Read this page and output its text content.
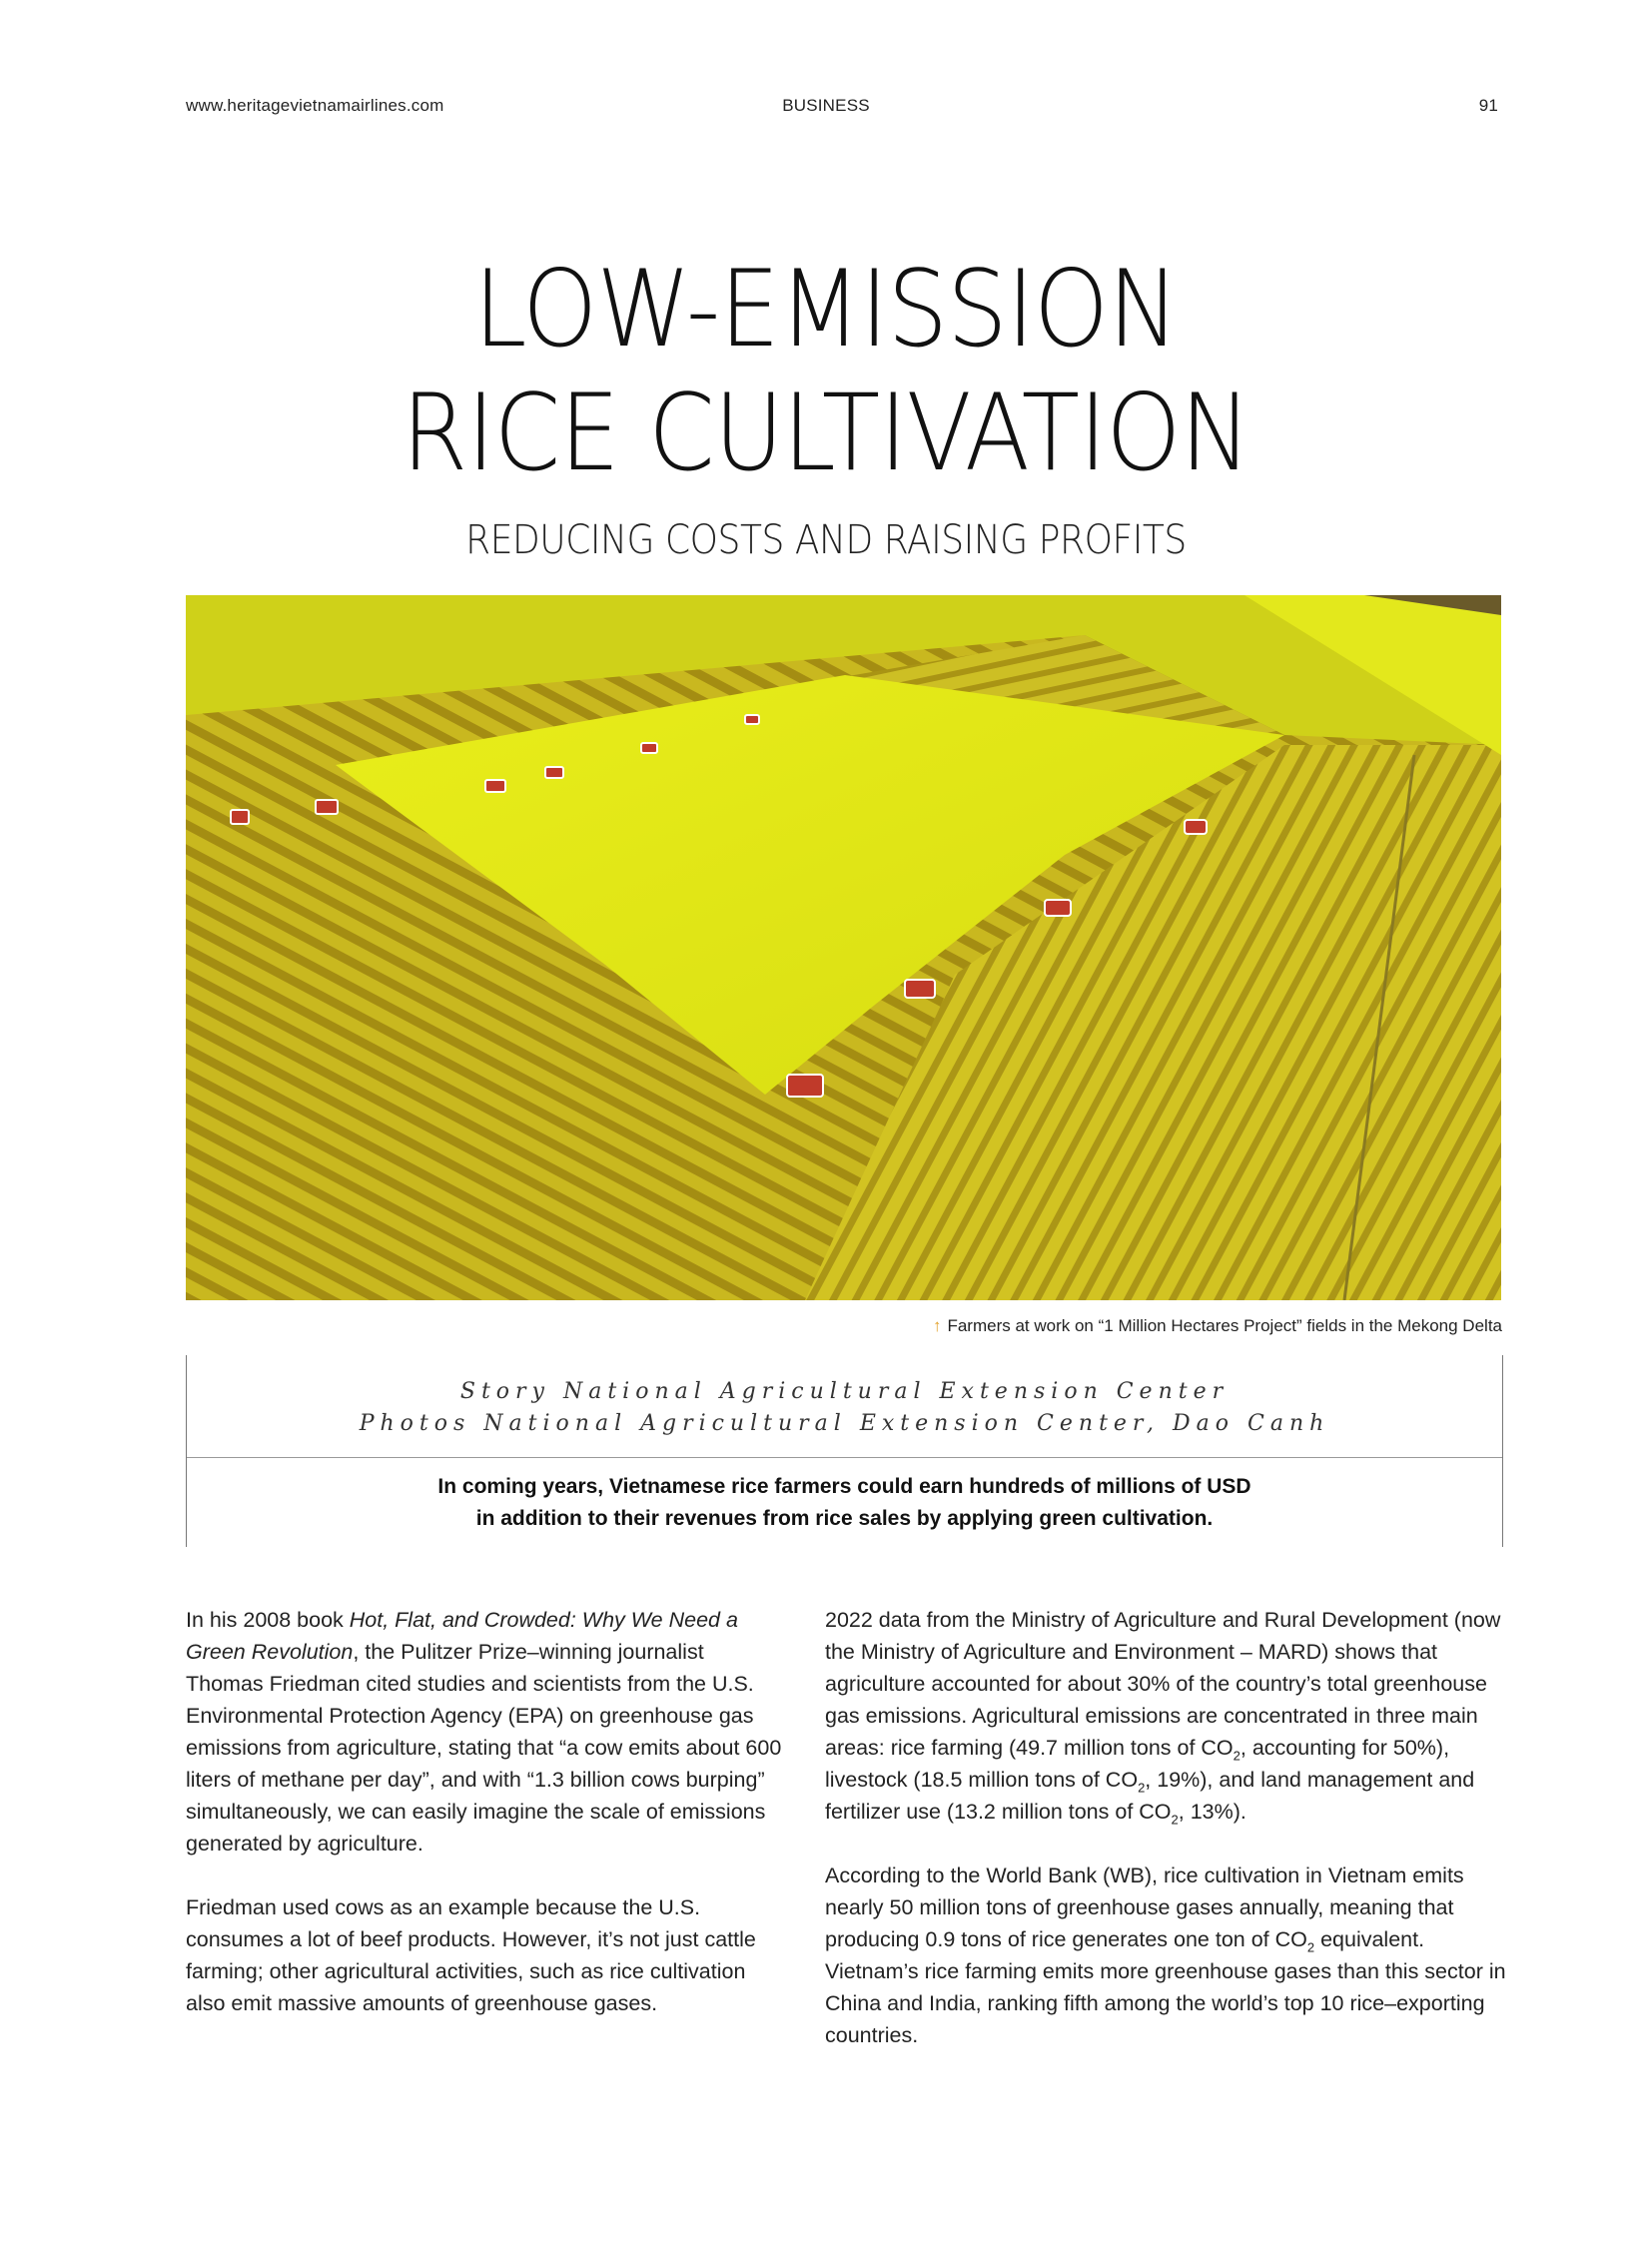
www.heritagevietnamairlines.com	BUSINESS	91
LOW-EMISSION
RICE CULTIVATION
REDUCING COSTS AND RAISING PROFITS
↑ Farmers at work on “1 Million Hectares Project” fields in the Mekong Delta
Story National Agricultural Extension Center
Photos National Agricultural Extension Center, Dao Canh
In coming years, Vietnamese rice farmers could earn hundreds of millions of USD
in addition to their revenues from rice sales by applying green cultivation.

In his 2008 book Hot, Flat, and Crowded: Why We Need a Green Revolution, the Pulitzer Prize–winning journalist Thomas Friedman cited studies and scientists from the U.S. Environmental Protection Agency (EPA) on greenhouse gas emissions from agriculture, stating that “a cow emits about 600 liters of methane per day”, and with “1.3 billion cows burping” simultaneously, we can easily imagine the scale of emissions generated by agriculture.

Friedman used cows as an example because the U.S. consumes a lot of beef products. However, it’s not just cattle farming; other agricultural activities, such as rice cultivation also emit massive amounts of greenhouse gases.

2022 data from the Ministry of Agriculture and Rural Development (now the Ministry of Agriculture and Environment – MARD) shows that agriculture accounted for about 30% of the country’s total greenhouse gas emissions. Agricultural emissions are concentrated in three main areas: rice farming (49.7 million tons of $CO_2$, accounting for 50%), livestock (18.5 million tons of $CO_2$, 19%), and land management and fertilizer use (13.2 million tons of $CO_2$, 13%).

According to the World Bank (WB), rice cultivation in Vietnam emits nearly 50 million tons of greenhouse gases annually, meaning that producing 0.9 tons of rice generates one ton of $CO_2$ equivalent. Vietnam’s rice farming emits more greenhouse gases than this sector in China and India, ranking fifth among the world’s top 10 rice–exporting countries.
